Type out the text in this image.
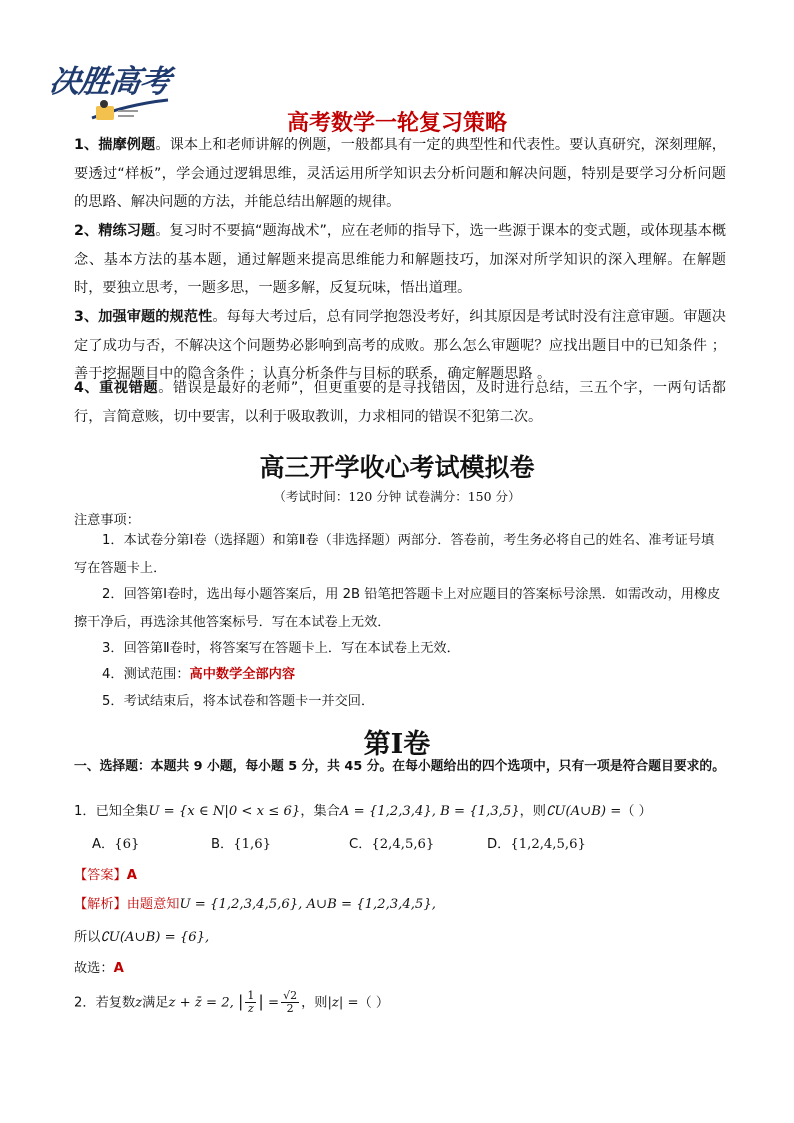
决胜高考
高考数学一轮复习策略
1、揣摩例题。课本上和老师讲解的例题，一般都具有一定的典型性和代表性。要认真研究，深刻理解，要透过“样板”，学会通过逻辑思维，灵活运用所学知识去分析问题和解决问题，特别是要学习分析问题的思路、解决问题的方法，并能总结出解题的规律。
2、精练习题。复习时不要搞“题海战术”，应在老师的指导下，选一些源于课本的变式题，或体现基本概念、基本方法的基本题，通过解题来提高思维能力和解题技巧，加深对所学知识的深入理解。在解题时，要独立思考，一题多思，一题多解，反复玩味，悟出道理。
3、加强审题的规范性。每每大考过后，总有同学抱怨没考好，纠其原因是考试时没有注意审题。审题决定了成功与否，不解决这个问题势必影响到高考的成败。那么怎么审题呢？应找出题目中的已知条件 ；善于挖掘题目中的隐含条件 ；认真分析条件与目标的联系，确定解题思路 。
4、重视错题。错误是最好的老师”，但更重要的是寻找错因，及时进行总结，三五个字，一两句话都行，言简意赅，切中要害，以利于吸取教训，力求相同的错误不犯第二次。
高三开学收心考试模拟卷
（考试时间：120 分钟 试卷满分：150 分）
注意事项：
1．本试卷分第Ⅰ卷（选择题）和第Ⅱ卷（非选择题）两部分．答卷前，考生务必将自己的姓名、准考证号填写在答题卡上．
2．回答第Ⅰ卷时，选出每小题答案后，用 2B 铅笔把答题卡上对应题目的答案标号涂黑．如需改动，用橡皮擦干净后，再选涂其他答案标号．写在本试卷上无效．
3．回答第Ⅱ卷时，将答案写在答题卡上．写在本试卷上无效．
4．测试范围：高中数学全部内容
5．考试结束后，将本试卷和答题卡一并交回．
第Ⅰ卷
一、选择题：本题共 9 小题，每小题 5 分，共 45 分。在每小题给出的四个选项中，只有一项是符合题目要求的。
1．已知全集U = {x ∈ N|0 < x ≤ 6}，集合A = {1,2,3,4}, B = {1,3,5}，则∁U(A∪B) =（ ）
A．{6}	B．{1,6}	C．{2,4,5,6}	D．{1,2,4,5,6}
【答案】A
【解析】由题意知U = {1,2,3,4,5,6}, A∪B = {1,2,3,4,5},
所以∁U(A∪B) = {6},
故选：A
2．若复数z满足z + z̄ = 2, | $\frac{1}{z}$ | = $\frac{√2}{2}$ ，则|z| =（ ）
